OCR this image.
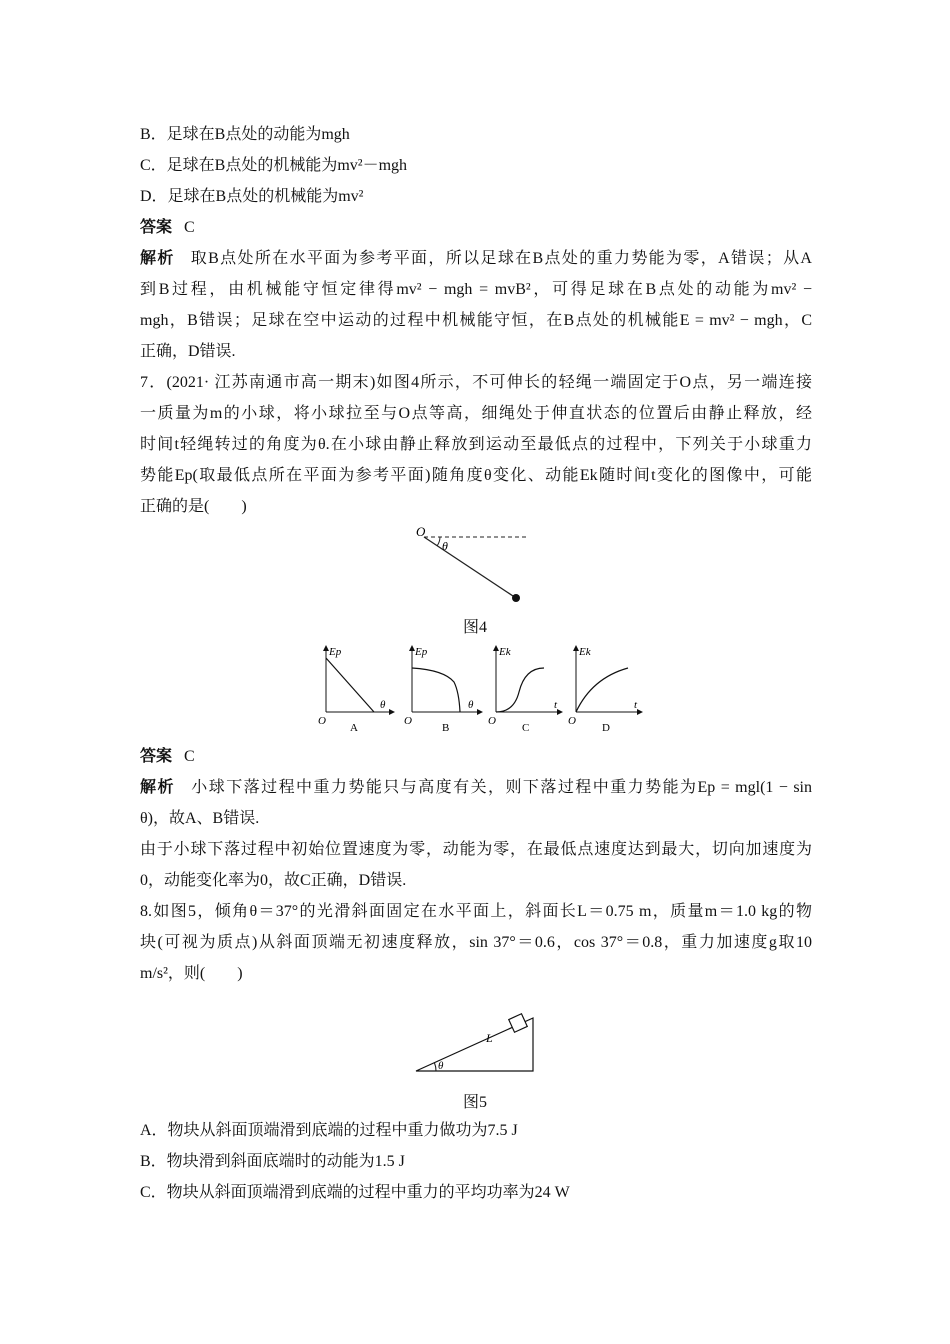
B．足球在B点处的动能为mgh
C．足球在B点处的机械能为mv²－mgh
D．足球在B点处的机械能为mv²
答案 C
解析 取B点处所在水平面为参考平面，所以足球在B点处的重力势能为零，A错误；从A
到B过程，由机械能守恒定律得mv² − mgh = mvB²，可得足球在B点处的动能为mv² −
mgh，B错误；足球在空中运动的过程中机械能守恒，在B点处的机械能E = mv² − mgh，C
正确，D错误.
7．(2021· 江苏南通市高一期末)如图4所示，不可伸长的轻绳一端固定于O点，另一端连接
一质量为m的小球，将小球拉至与O点等高，细绳处于伸直状态的位置后由静止释放，经
时间t轻绳转过的角度为θ.在小球由静止释放到运动至最低点的过程中，下列关于小球重力
势能Ep(取最低点所在平面为参考平面)随角度θ变化、动能Ek随时间t变化的图像中，可能
正确的是(　　)
O
θ
图4
Ep
θ
O
A
Ep
θ
O
B
Ek
t
O
C
Ek
t
O
D
答案 C
解析 小球下落过程中重力势能只与高度有关，则下落过程中重力势能为Ep = mgl(1 − sin
θ)，故A、B错误.
由于小球下落过程中初始位置速度为零，动能为零，在最低点速度达到最大，切向加速度为
0，动能变化率为0，故C正确，D错误.
8.如图5，倾角θ＝37°的光滑斜面固定在水平面上，斜面长L＝0.75 m，质量m＝1.0 kg的物
块(可视为质点)从斜面顶端无初速度释放，sin 37°＝0.6，cos 37°＝0.8，重力加速度g取10
m/s²，则(　　)
θ
L
图5
A．物块从斜面顶端滑到底端的过程中重力做功为7.5 J
B．物块滑到斜面底端时的动能为1.5 J
C．物块从斜面顶端滑到底端的过程中重力的平均功率为24 W
